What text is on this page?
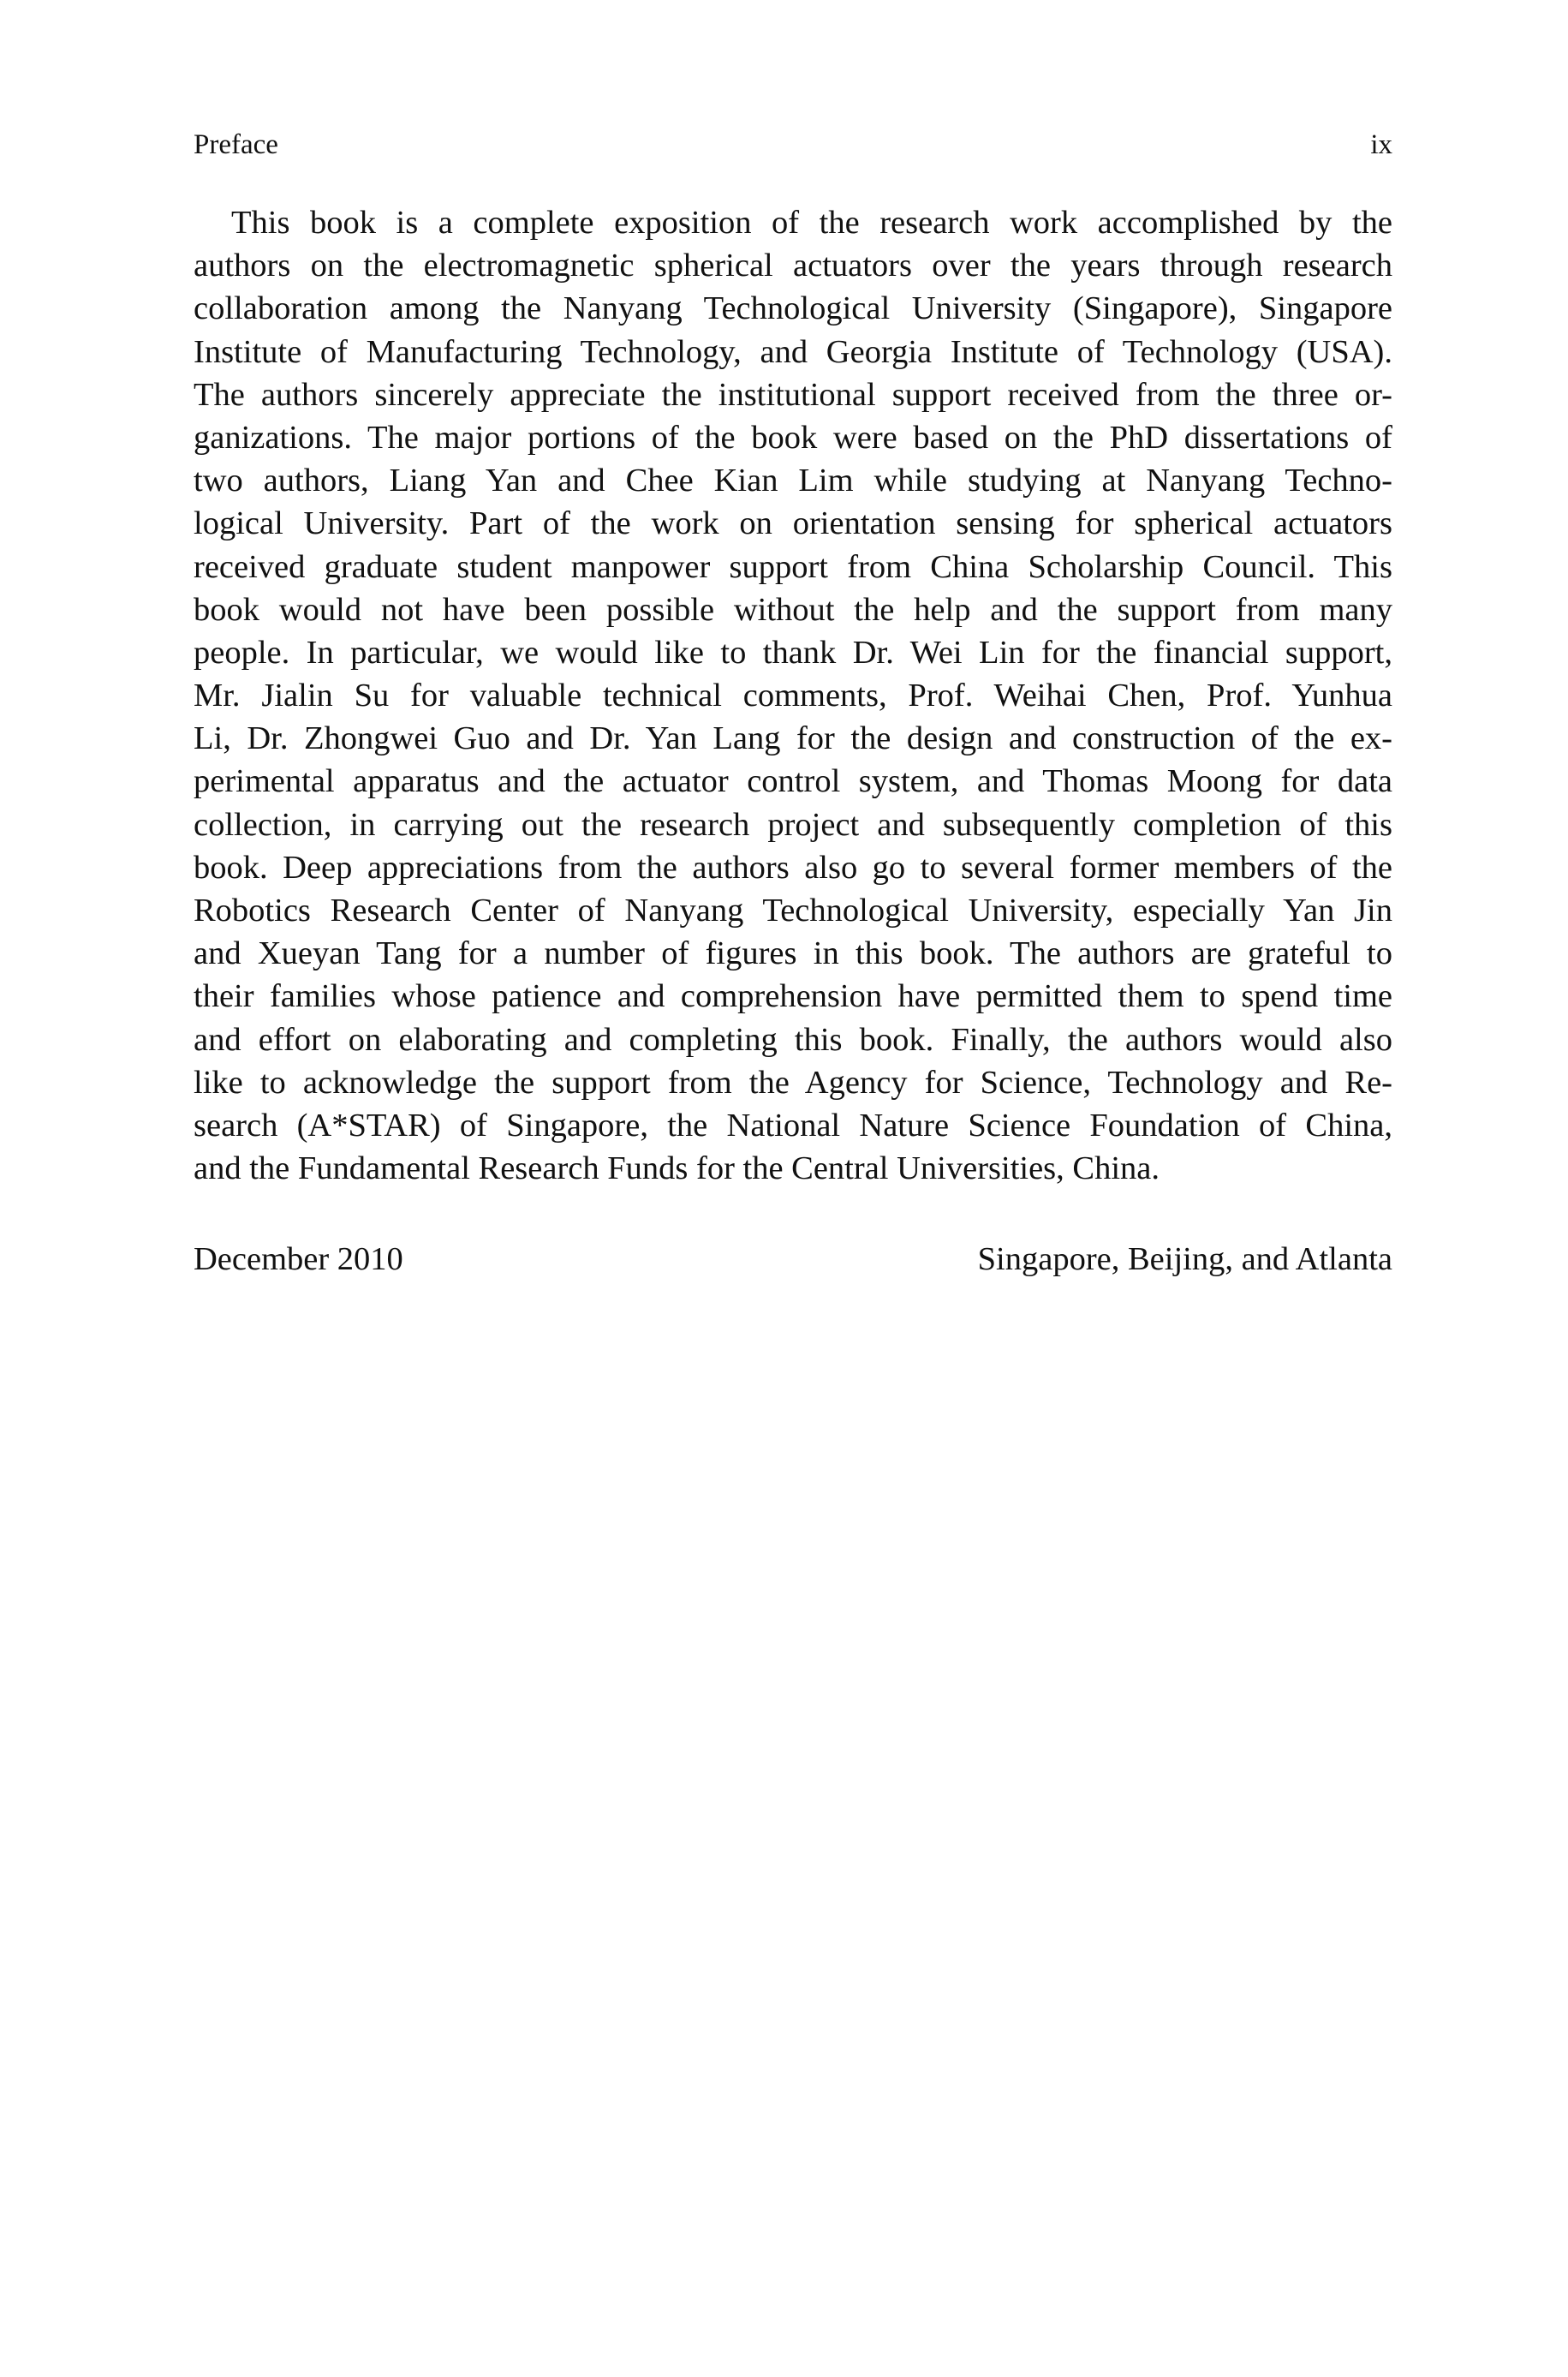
Preface	ix
This book is a complete exposition of the research work accomplished by the
authors on the electromagnetic spherical actuators over the years through research
collaboration among the Nanyang Technological University (Singapore), Singapore
Institute of Manufacturing Technology, and Georgia Institute of Technology (USA).
The authors sincerely appreciate the institutional support received from the three or-
ganizations. The major portions of the book were based on the PhD dissertations of
two authors, Liang Yan and Chee Kian Lim while studying at Nanyang Techno-
logical University. Part of the work on orientation sensing for spherical actuators
received graduate student manpower support from China Scholarship Council. This
book would not have been possible without the help and the support from many
people. In particular, we would like to thank Dr. Wei Lin for the financial support,
Mr. Jialin Su for valuable technical comments, Prof. Weihai Chen, Prof. Yunhua
Li, Dr. Zhongwei Guo and Dr. Yan Lang for the design and construction of the ex-
perimental apparatus and the actuator control system, and Thomas Moong for data
collection, in carrying out the research project and subsequently completion of this
book. Deep appreciations from the authors also go to several former members of the
Robotics Research Center of Nanyang Technological University, especially Yan Jin
and Xueyan Tang for a number of figures in this book. The authors are grateful to
their families whose patience and comprehension have permitted them to spend time
and effort on elaborating and completing this book. Finally, the authors would also
like to acknowledge the support from the Agency for Science, Technology and Re-
search (A*STAR) of Singapore, the National Nature Science Foundation of China,
and the Fundamental Research Funds for the Central Universities, China.
December 2010	Singapore, Beijing, and Atlanta
